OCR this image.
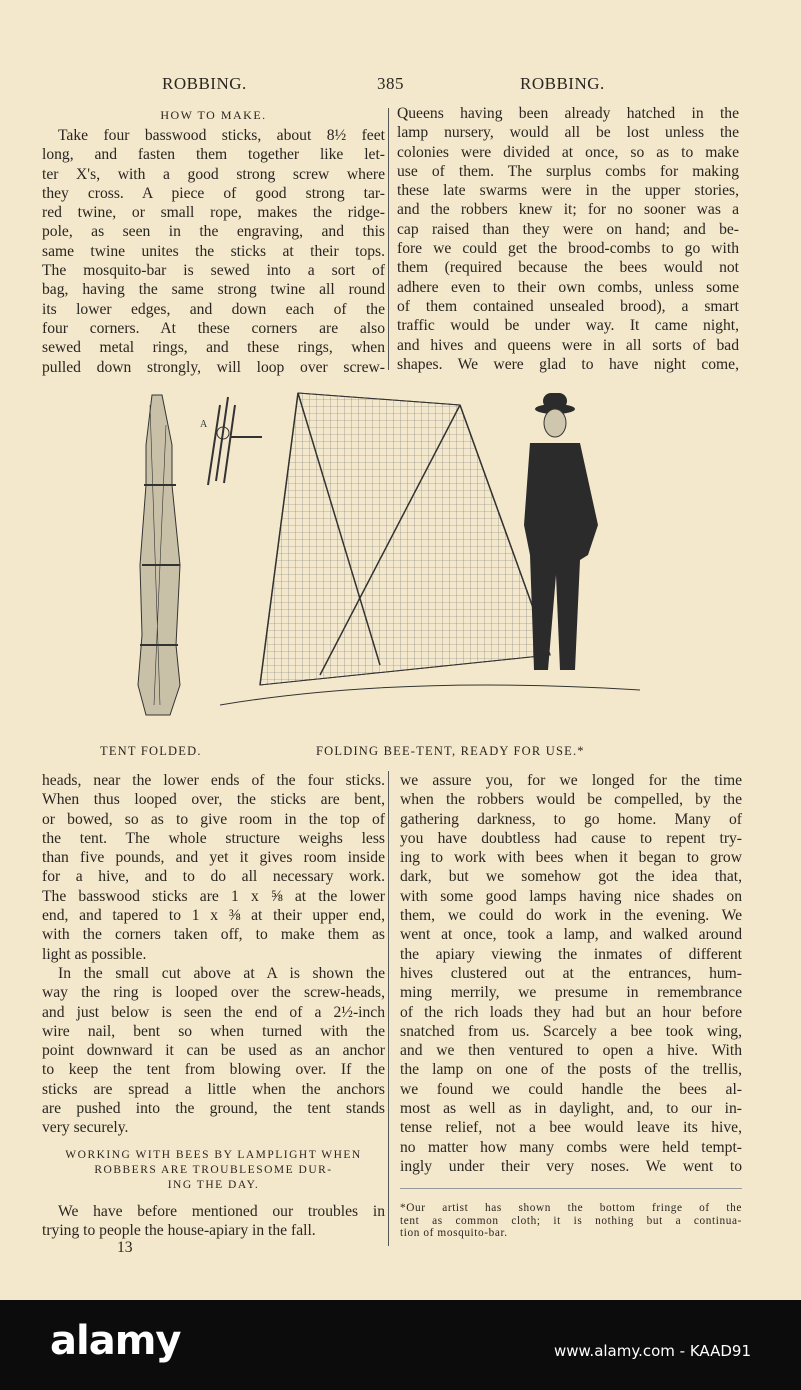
ROBBING.	385	ROBBING.
HOW TO MAKE.
Take four basswood sticks, about 8½ feet
long, and fasten them together like let-
ter X's, with a good strong screw where
they cross. A piece of good strong tar-
red twine, or small rope, makes the ridge-
pole, as seen in the engraving, and this
same twine unites the sticks at their tops.
The mosquito-bar is sewed into a sort of
bag, having the same strong twine all round
its lower edges, and down each of the
four corners. At these corners are also
sewed metal rings, and these rings, when
pulled down strongly, will loop over screw-
Queens having been already hatched in the
lamp nursery, would all be lost unless the
colonies were divided at once, so as to make
use of them. The surplus combs for making
these late swarms were in the upper stories,
and the robbers knew it; for no sooner was a
cap raised than they were on hand; and be-
fore we could get the brood-combs to go with
them (required because the bees would not
adhere even to their own combs, unless some
of them contained unsealed brood), a smart
traffic would be under way. It came night,
and hives and queens were in all sorts of bad
shapes. We were glad to have night come,
A
TENT FOLDED.	FOLDING BEE-TENT, READY FOR USE.*
heads, near the lower ends of the four sticks.
When thus looped over, the sticks are bent,
or bowed, so as to give room in the top of
the tent. The whole structure weighs less
than five pounds, and yet it gives room inside
for a hive, and to do all necessary work.
The basswood sticks are 1 x ⅝ at the lower
end, and tapered to 1 x ⅜ at their upper end,
with the corners taken off, to make them as
light as possible.
In the small cut above at A is shown the
way the ring is looped over the screw-heads,
and just below is seen the end of a 2½-inch
wire nail, bent so when turned with the
point downward it can be used as an anchor
to keep the tent from blowing over. If the
sticks are spread a little when the anchors
are pushed into the ground, the tent stands
very securely.
WORKING WITH BEES BY LAMPLIGHT WHEN
ROBBERS ARE TROUBLESOME DUR-
ING THE DAY.
We have before mentioned our troubles in
trying to people the house-apiary in the fall.
13
we assure you, for we longed for the time
when the robbers would be compelled, by the
gathering darkness, to go home. Many of
you have doubtless had cause to repent try-
ing to work with bees when it began to grow
dark, but we somehow got the idea that,
with some good lamps having nice shades on
them, we could do work in the evening. We
went at once, took a lamp, and walked around
the apiary viewing the inmates of different
hives clustered out at the entrances, hum-
ming merrily, we presume in remembrance
of the rich loads they had but an hour before
snatched from us. Scarcely a bee took wing,
and we then ventured to open a hive. With
the lamp on one of the posts of the trellis,
we found we could handle the bees al-
most as well as in daylight, and, to our in-
tense relief, not a bee would leave its hive,
no matter how many combs were held tempt-
ingly under their very noses. We went to
*Our artist has shown the bottom fringe of the
tent as common cloth; it is nothing but a continua-
tion of mosquito-bar.
alamy	www.alamy.com - KAAD91
